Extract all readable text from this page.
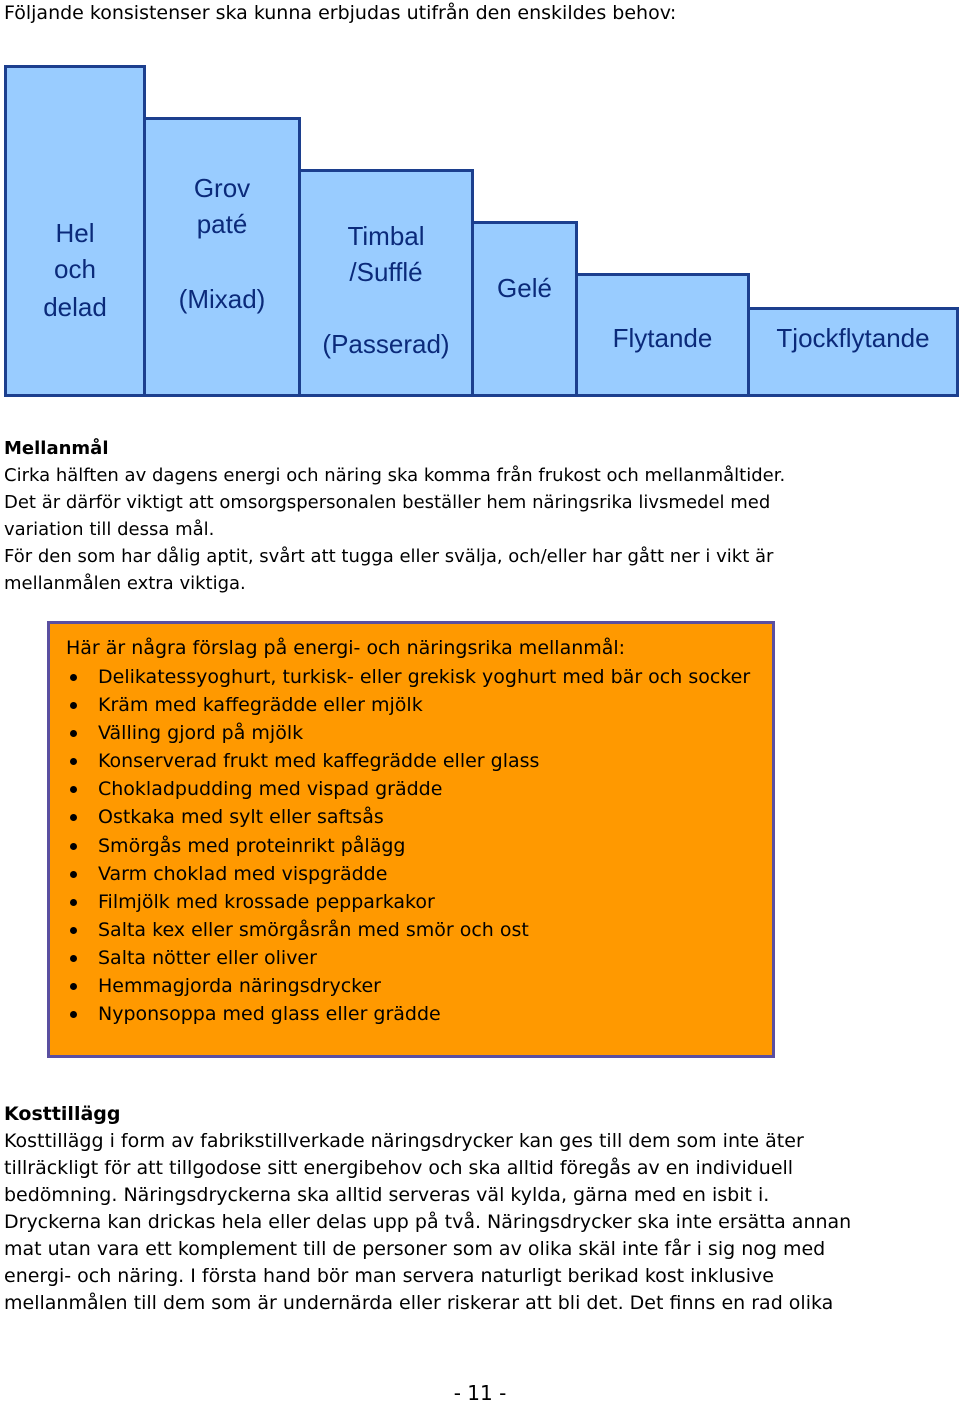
Följande konsistenser ska kunna erbjudas utifrån den enskildes behov:
Hel
och
delad
Grov
paté
(Mixad)
Timbal
/Sufflé
(Passerad)
Gelé
Flytande	Tjockflytande

Mellanmål

Cirka hälften av dagens energi och näring ska komma från frukost och mellanmåltider.

Det är därför viktigt att omsorgspersonalen beställer hem näringsrika livsmedel med

variation till dessa mål.

För den som har dålig aptit, svårt att tugga eller svälja, och/eller har gått ner i vikt är

mellanmålen extra viktiga.

Här är några förslag på energi- och näringsrika mellanmål:
Delikatessyoghurt, turkisk- eller grekisk yoghurt med bär och socker
Kräm med kaffegrädde eller mjölk
Välling gjord på mjölk
Konserverad frukt med kaffegrädde eller glass
Chokladpudding med vispad grädde
Ostkaka med sylt eller saftsås
Smörgås med proteinrikt pålägg
Varm choklad med vispgrädde
Filmjölk med krossade pepparkakor
Salta kex eller smörgåsrån med smör och ost
Salta nötter eller oliver
Hemmagjorda näringsdrycker
Nyponsoppa med glass eller grädde

Kosttillägg

Kosttillägg i form av fabrikstillverkade näringsdrycker kan ges till dem som inte äter

tillräckligt för att tillgodose sitt energibehov och ska alltid föregås av en individuell

bedömning. Näringsdryckerna ska alltid serveras väl kylda, gärna med en isbit i.

Dryckerna kan drickas hela eller delas upp på två. Näringsdrycker ska inte ersätta annan

mat utan vara ett komplement till de personer som av olika skäl inte får i sig nog med

energi- och näring. I första hand bör man servera naturligt berikad kost inklusive

mellanmålen till dem som är undernärda eller riskerar att bli det. Det finns en rad olika

- 11 -
